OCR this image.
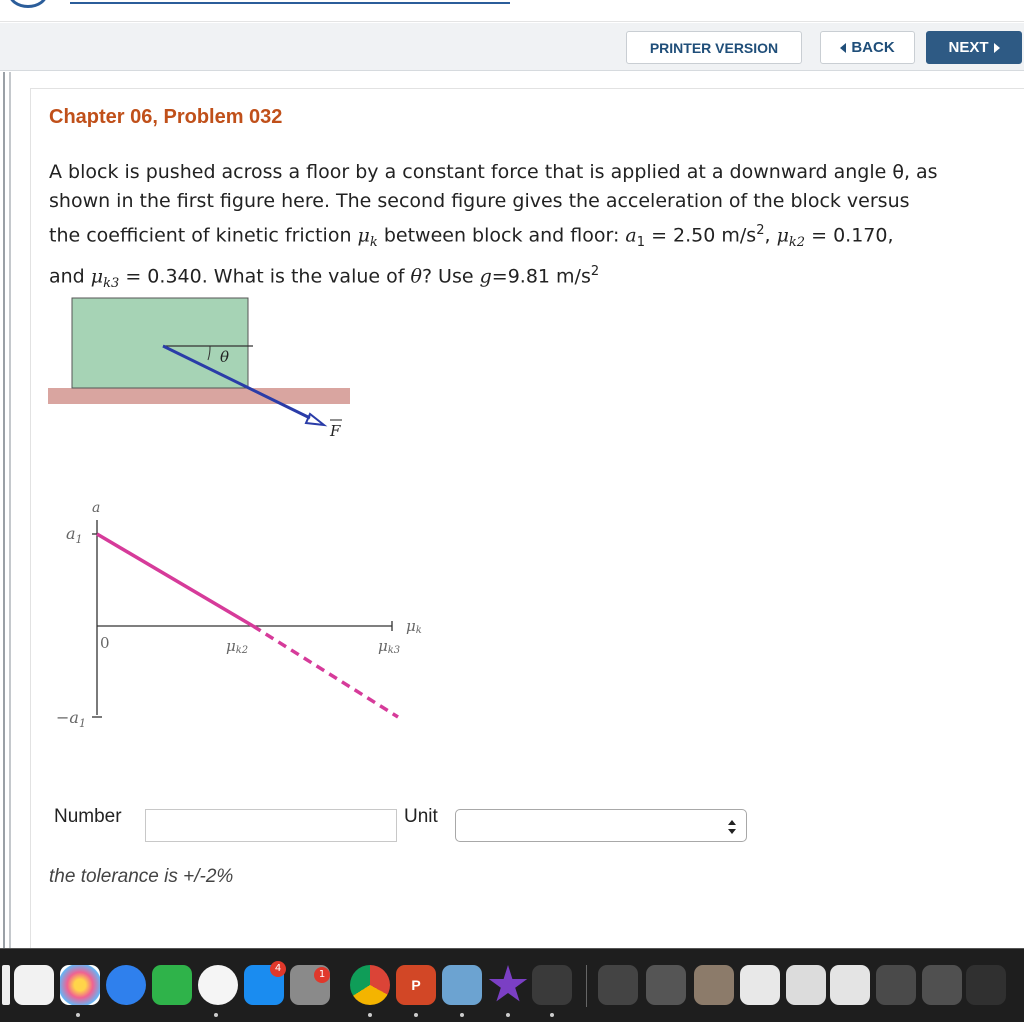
PRINTER VERSION	BACK	NEXT
Chapter 06, Problem 032
A block is pushed across a floor by a constant force that is applied at a downward angle θ, as
shown in the first figure here. The second figure gives the acceleration of the block versus
the coefficient of kinetic friction $\mu_k$ between block and floor: $a_1 = 2.50$ $m/s^2$, $\mu_{k2} = 0.170$,
and $\mu_{k3} = 0.340$. What is the value of θ? Use g=9.81 $m/s^2$
θ
F
a
$a_1$
$-a_1$
0	μk2	μk3
μk
Number	Unit
the tolerance is +/-2%
4
1
P
